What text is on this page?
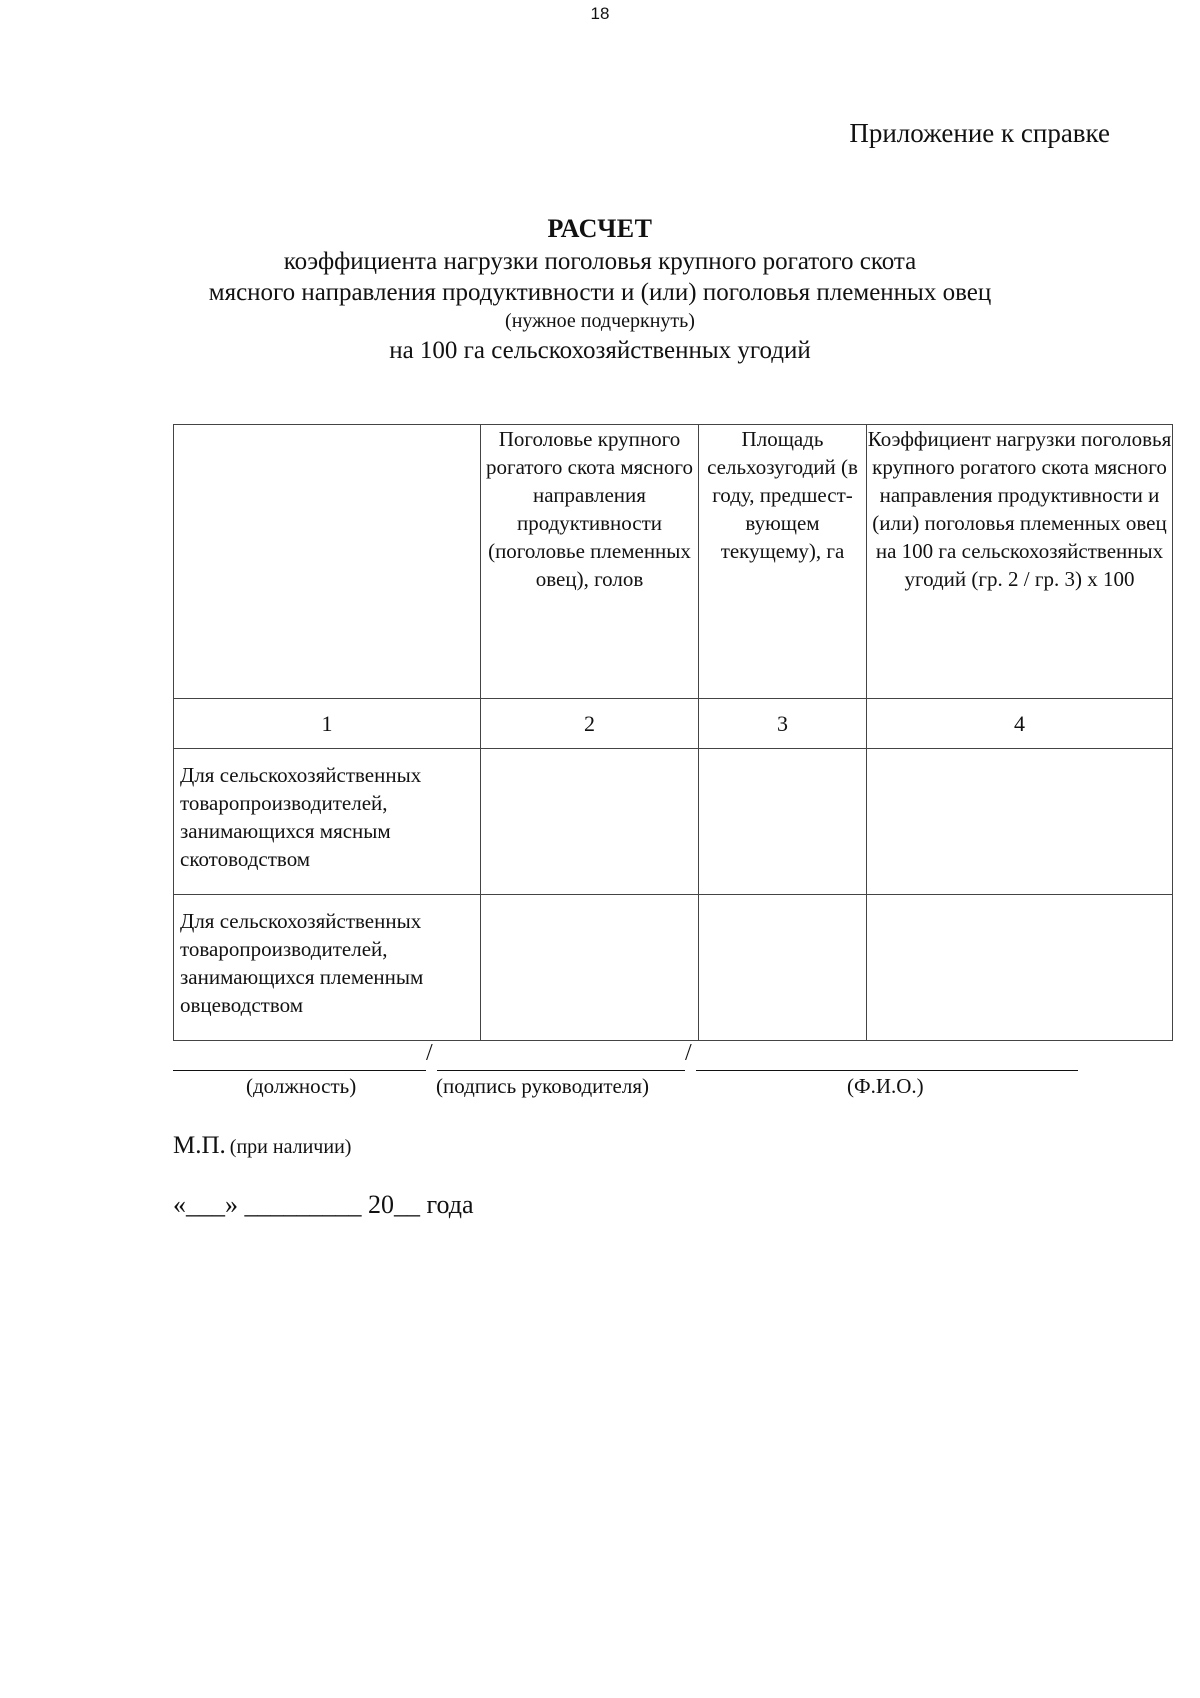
18
Приложение к справке
РАСЧЕТ
коэффициента нагрузки поголовья крупного рогатого скота
мясного направления продуктивности и (или) поголовья племенных овец
(нужное подчеркнуть)
на 100 га сельскохозяйственных угодий
	Поголовье крупного рогатого скота мясного направления продуктивности (поголовье племенных овец), голов	Площадь сельхозугодий (в году, предшест-вующем текущему), га	Коэффициент нагрузки поголовья крупного рогатого скота мясного направления продуктивности и (или) поголовья племенных овец на 100 га сельскохозяйственных угодий (гр. 2 / гр. 3) х 100
1	2	3	4
Для сельскохозяйственных товаропроизводителей, занимающихся мясным скотоводством			
Для сельскохозяйственных товаропроизводителей, занимающихся племенным овцеводством			
/	/
(должность)	(подпись руководителя)	(Ф.И.О.)
М.П. (при наличии)
«___» _________ 20__ года
